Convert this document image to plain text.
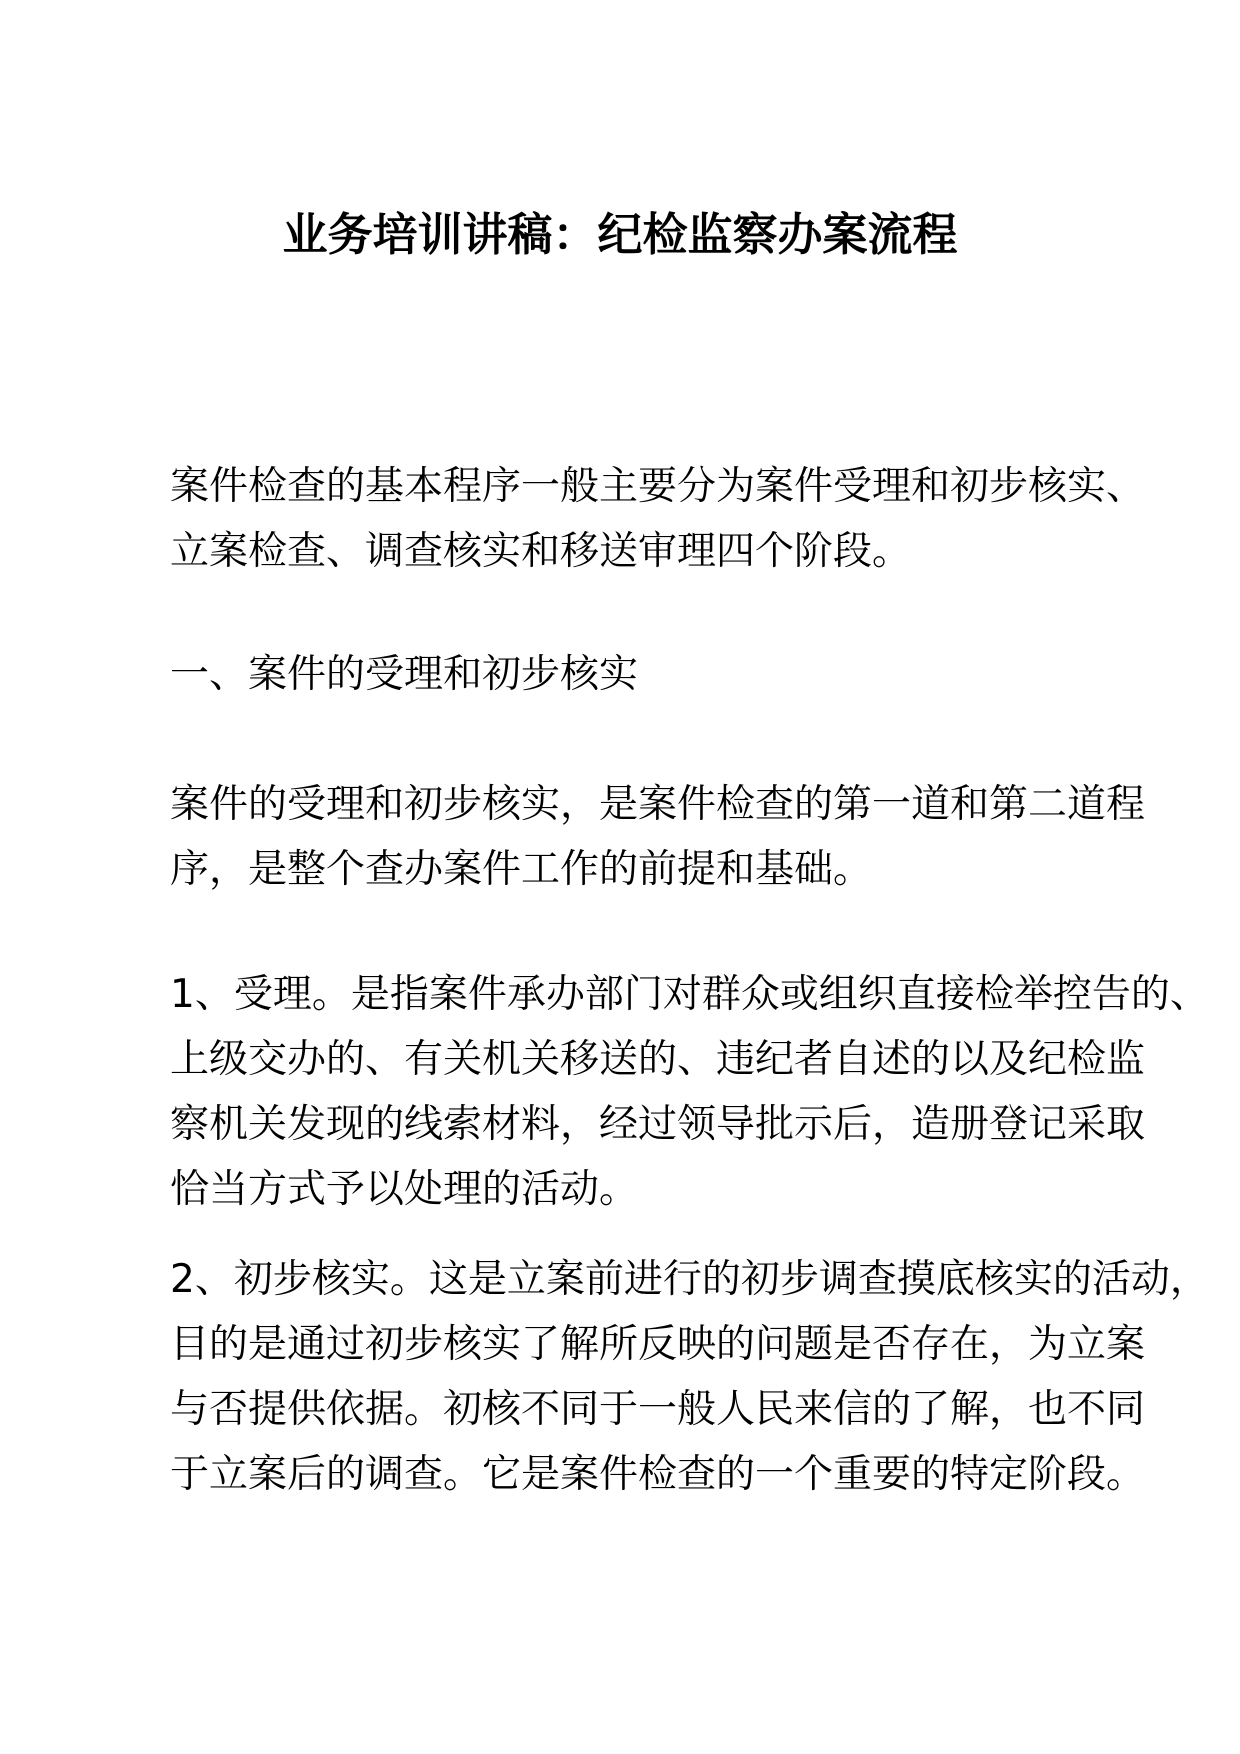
业务培训讲稿：纪检监察办案流程
案件检查的基本程序一般主要分为案件受理和初步核实、
立案检查、调查核实和移送审理四个阶段。
一、案件的受理和初步核实
案件的受理和初步核实，是案件检查的第一道和第二道程
序，是整个查办案件工作的前提和基础。
1、受理。是指案件承办部门对群众或组织直接检举控告的、
上级交办的、有关机关移送的、违纪者自述的以及纪检监
察机关发现的线索材料，经过领导批示后，造册登记采取
恰当方式予以处理的活动。
2、初步核实。这是立案前进行的初步调查摸底核实的活动，
目的是通过初步核实了解所反映的问题是否存在，为立案
与否提供依据。初核不同于一般人民来信的了解，也不同
于立案后的调查。它是案件检查的一个重要的特定阶段。
